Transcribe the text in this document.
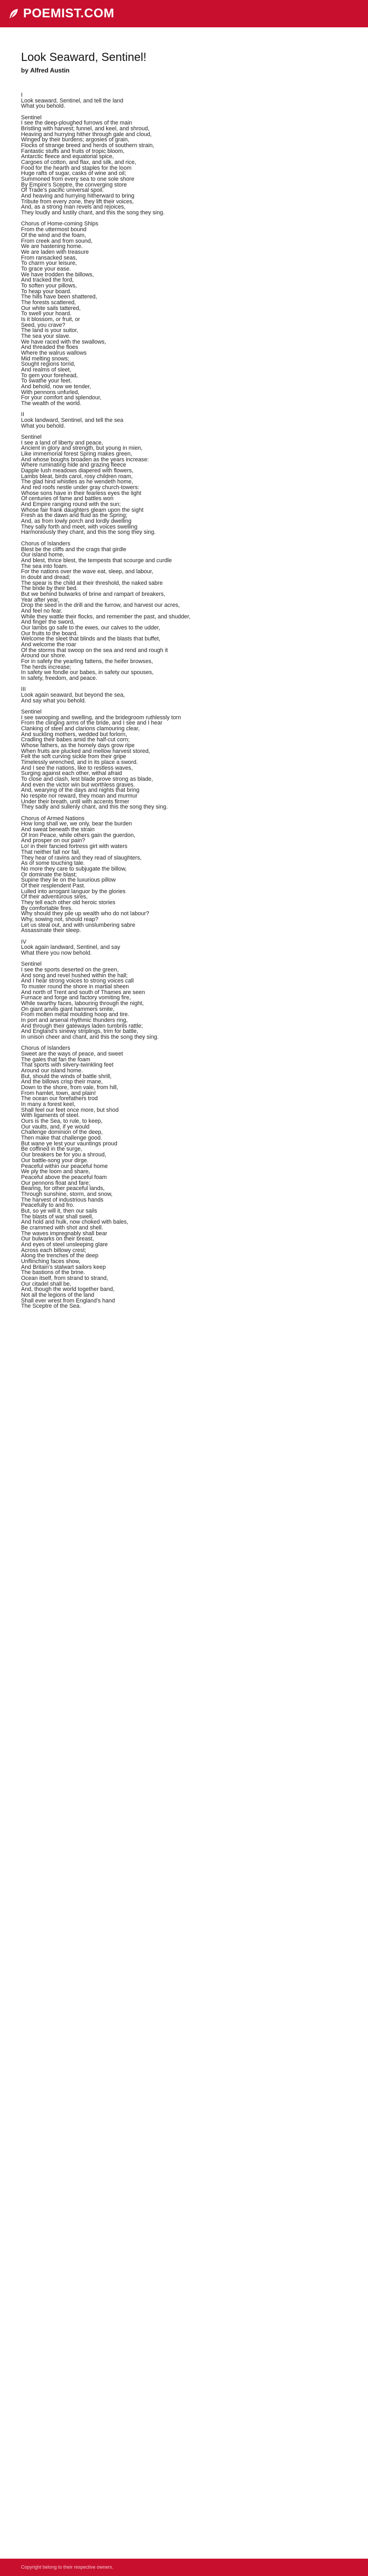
POEMIST.COM
Look Seaward, Sentinel!
by Alfred Austin
I
Look seaward, Sentinel, and tell the land
What you behold.
Sentinel
I see the deep-ploughed furrows of the main
Bristling with harvest; funnel, and keel, and shroud,
Heaving and hurrying hither through gale and cloud,
Winged by their burdens; argosies of grain,
Flocks of strange breed and herds of southern strain,
Fantastic stuffs and fruits of tropic bloom,
Antarctic fleece and equatorial spice,
Cargoes of cotton, and flax, and silk, and rice,
Food for the hearth and staples for the loom
Huge rafts of sugar, casks of wine and oil;
Summoned from every sea to one sole shore
By Empire's Sceptre, the converging store
Of Trade's pacific universal spoil.
And heaving and hurrying hitherward to bring
Tribute from every zone, they lift their voices,
And, as a strong man revels and rejoices,
They loudly and lustily chant, and this the song they sing.
Chorus of Home-coming Ships
From the uttermost bound
Of the wind and the foam,
From creek and from sound,
We are hastening home.
We are laden with treasure
From ransacked seas,
To charm your leisure,
To grace your ease.
We have trodden the billows,
And tracked the ford,
To soften your pillows,
To heap your board.
The hills have been shattered,
The forests scattered,
Our white sails tattered,
To swell your hoard.
Is it blossom, or fruit, or
Seed, you crave?
The land is your suitor,
The sea your slave.
We have raced with the swallows,
And threaded the floes
Where the walrus wallows
Mid melting snows;
Sought regions torrid,
And realms of sleet,
To gem your forehead,
To swathe your feet.
And behold, now we tender,
With pennons unfurled,
For your comfort and splendour,
The wealth of the world.
II
Look landward, Sentinel, and tell the sea
What you behold.
Sentinel
I see a land of liberty and peace,
Ancient in glory and strength, but young in mien,
Like immemorial forest Spring makes green,
And whose boughs broaden as the years increase:
Where ruminating hide and grazing fleece
Dapple lush meadows diapered with flowers,
Lambs bleat, birds carol, rosy children roam,
The glad hind whistles as he wendeth home,
And red roofs nestle under gray church-towers:
Whose sons have in their fearless eyes the light
Of centuries of fame and battles won
And Empire ranging round with the sun;
Whose fair frank daughters gleam upon the sight
Fresh as the dawn and fluid as the Spring;
And, as from lowly porch and lordly dwelling
They sally forth and meet, with voices swelling
Harmoniously they chant, and this the song they sing.
Chorus of Islanders
Blest be the cliffs and the crags that girdle
Our island home,
And blest, thrice blest, the tempests that scourge and curdle
The sea into foam.
For the nations over the wave eat, sleep, and labour,
In doubt and dread;
The spear is the child at their threshold, the naked sabre
The bride by their bed.
But we behind bulwarks of brine and rampart of breakers,
Year after year,
Drop the seed in the drill and the furrow, and harvest our acres,
And feel no fear.
While they wattle their flocks, and remember the past, and shudder,
And finger the sword,
Our lambs go safe to the ewes, our calves to the udder,
Our fruits to the board.
Welcome the sleet that blinds and the blasts that buffet,
And welcome the roar
Of the storms that swoop on the sea and rend and rough it
Around our shore.
For in safety the yearling fattens, the heifer browses,
The herds increase;
In safety we fondle our babes, in safety our spouses,
In safety, freedom, and peace.
III
Look again seaward, but beyond the sea,
And say what you behold.
Sentinel
I see swooping and swelling, and the bridegroom ruthlessly torn
From the clinging arms of the bride, and I see and I hear
Clanking of steel and clarions clamouring clear,
And suckling mothers, wedded but forlorn,
Cradling their babes amid the half-cut corn;
Whose fathers, as the homely days grow ripe
When fruits are plucked and mellow harvest stored,
Felt the soft curving sickle from their gripe
Timelessly wrenched, and in its place a sword.
And I see the nations, like to restless waves,
Surging against each other, withal afraid
To close and clash, lest blade prove strong as blade,
And even the victor win but worthless graves.
And, wearying of the days and nights that bring
No respite nor reward, they moan and murmur
Under their breath, until with accents firmer
They sadly and sullenly chant, and this the song they sing.
Chorus of Armed Nations
How long shall we, we only, bear the burden
And sweat beneath the strain
Of Iron Peace, while others gain the guerdon,
And prosper on our pain?
Lo! in their fancied fortress girt with waters
That neither fall nor fail,
They hear of ravins and they read of slaughters,
As of some touching tale.
No more they care to subjugate the billow,
Or dominate the blast;
Supine they lie on the luxurious pillow
Of their resplendent Past.
Lulled into arrogant languor by the glories
Of their adventurous sires,
They tell each other old heroic stories
By comfortable fires.
Why should they pile up wealth who do not labour?
Why, sowing not, should reap?
Let us steal out, and with unslumbering sabre
Assassinate their sleep.
IV
Look again landward, Sentinel, and say
What there you now behold.
Sentinel
I see the sports deserted on the green,
And song and revel hushed within the hall;
And I hear strong voices to strong voices call
To muster round the shore in martial sheen
And north of Trent and south of Thames are seen
Furnace and forge and factory vomiting fire,
While swarthy faces, labouring through the night,
On giant anvils giant hammers smite,
From molten metal moulding hoop and tire.
In port and arsenal rhythmic thunders ring,
And through their gateways laden tumbrils rattle;
And England's sinewy striplings, trim for battle,
In unison cheer and chant, and this the song they sing.
Chorus of Islanders
Sweet are the ways of peace, and sweet
The gales that fan the foam
That sports with silvery-twinkling feet
Around our island home.
But, should the winds of battle shrill,
And the billows crisp their mane,
Down to the shore, from vale, from hill,
From hamlet, town, and plain!
The ocean our forefathers trod
In many a forest keel,
Shall feel our feet once more, but shod
With ligaments of steel.
Ours is the Sea, to rule, to keep,
Our vaults, and, if ye would
Challenge dominion of the deep,
Then make that challenge good.
But wane ye lest your vauntings proud
Be coffined in the surge,
Our breakers be for you a shroud,
Our battle-song your dirge.
Peaceful within our peaceful home
We ply the loom and share,
Peaceful above the peaceful foam
Our pennons float and fare;
Bearing, for other peaceful lands,
Through sunshine, storm, and snow,
The harvest of industrious hands
Peacefully to and fro.
But, so ye will it, then our sails
The blasts of war shall swell,
And hold and hulk, now choked with bales,
Be crammed with shot and shell.
The waves impregnably shall bear
Our bulwarks on their breast,
And eyes of steel unsleeping glare
Across each billowy crest;
Along the trenches of the deep
Unflinching faces show,
And Britain's stalwart sailors keep
The bastions of the brine.
Ocean itself, from strand to strand,
Our citadel shall be,
And, though the world together band,
Not all the legions of the land
Shall ever wrest from England's hand
The Sceptre of the Sea.
Copyright belong to their respective owners.
